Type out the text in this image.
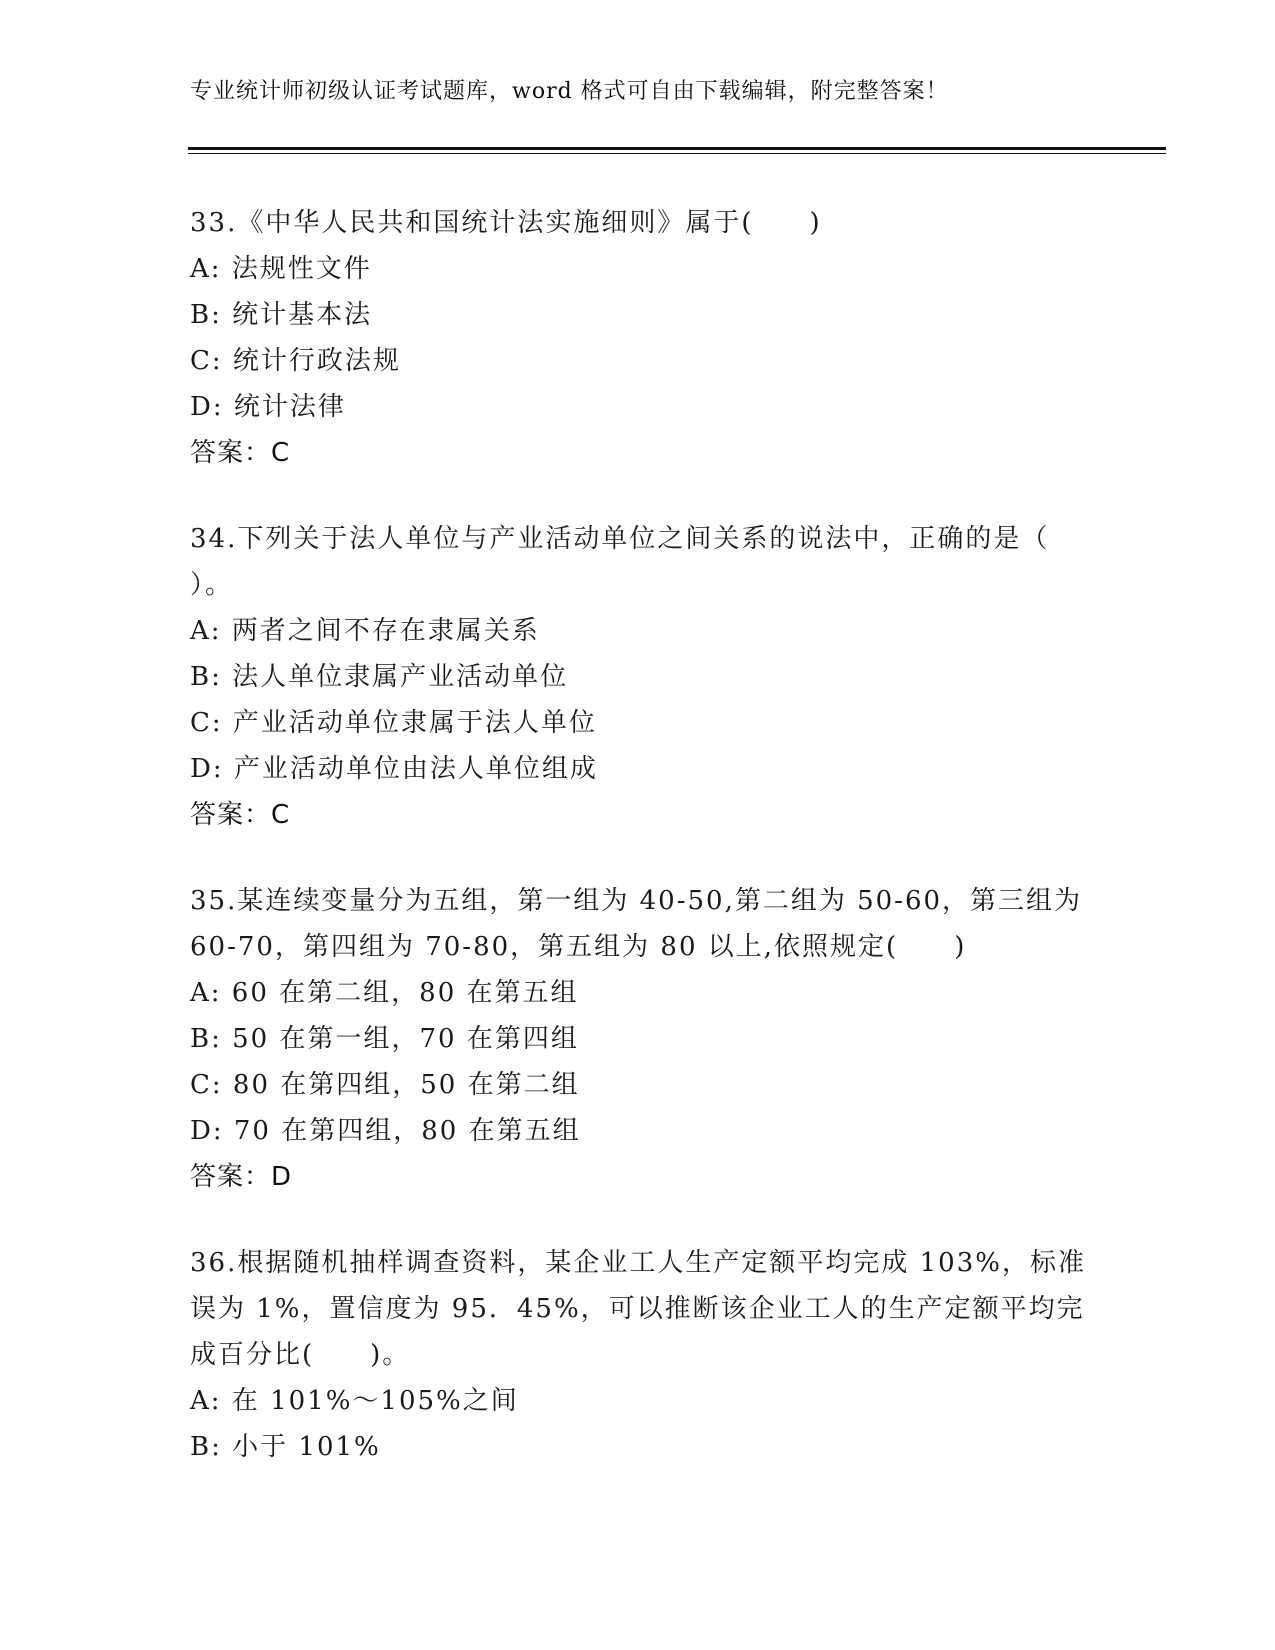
专业统计师初级认证考试题库，word 格式可自由下载编辑，附完整答案！
33.《中华人民共和国统计法实施细则》属于(　　)
A: 法规性文件
B: 统计基本法
C: 统计行政法规
D: 统计法律
答案：C
34.下列关于法人单位与产业活动单位之间关系的说法中，正确的是（
）。
A: 两者之间不存在隶属关系
B: 法人单位隶属产业活动单位
C: 产业活动单位隶属于法人单位
D: 产业活动单位由法人单位组成
答案：C
35.某连续变量分为五组，第一组为 40-50,第二组为 50-60，第三组为
60-70，第四组为 70-80，第五组为 80 以上,依照规定(　　)
A: 60 在第二组，80 在第五组
B: 50 在第一组，70 在第四组
C: 80 在第四组，50 在第二组
D: 70 在第四组，80 在第五组
答案：D
36.根据随机抽样调查资料，某企业工人生产定额平均完成 103%，标准
误为 1%，置信度为 95．45%，可以推断该企业工人的生产定额平均完
成百分比(　　)。
A: 在 101%～105%之间
B: 小于 101%
